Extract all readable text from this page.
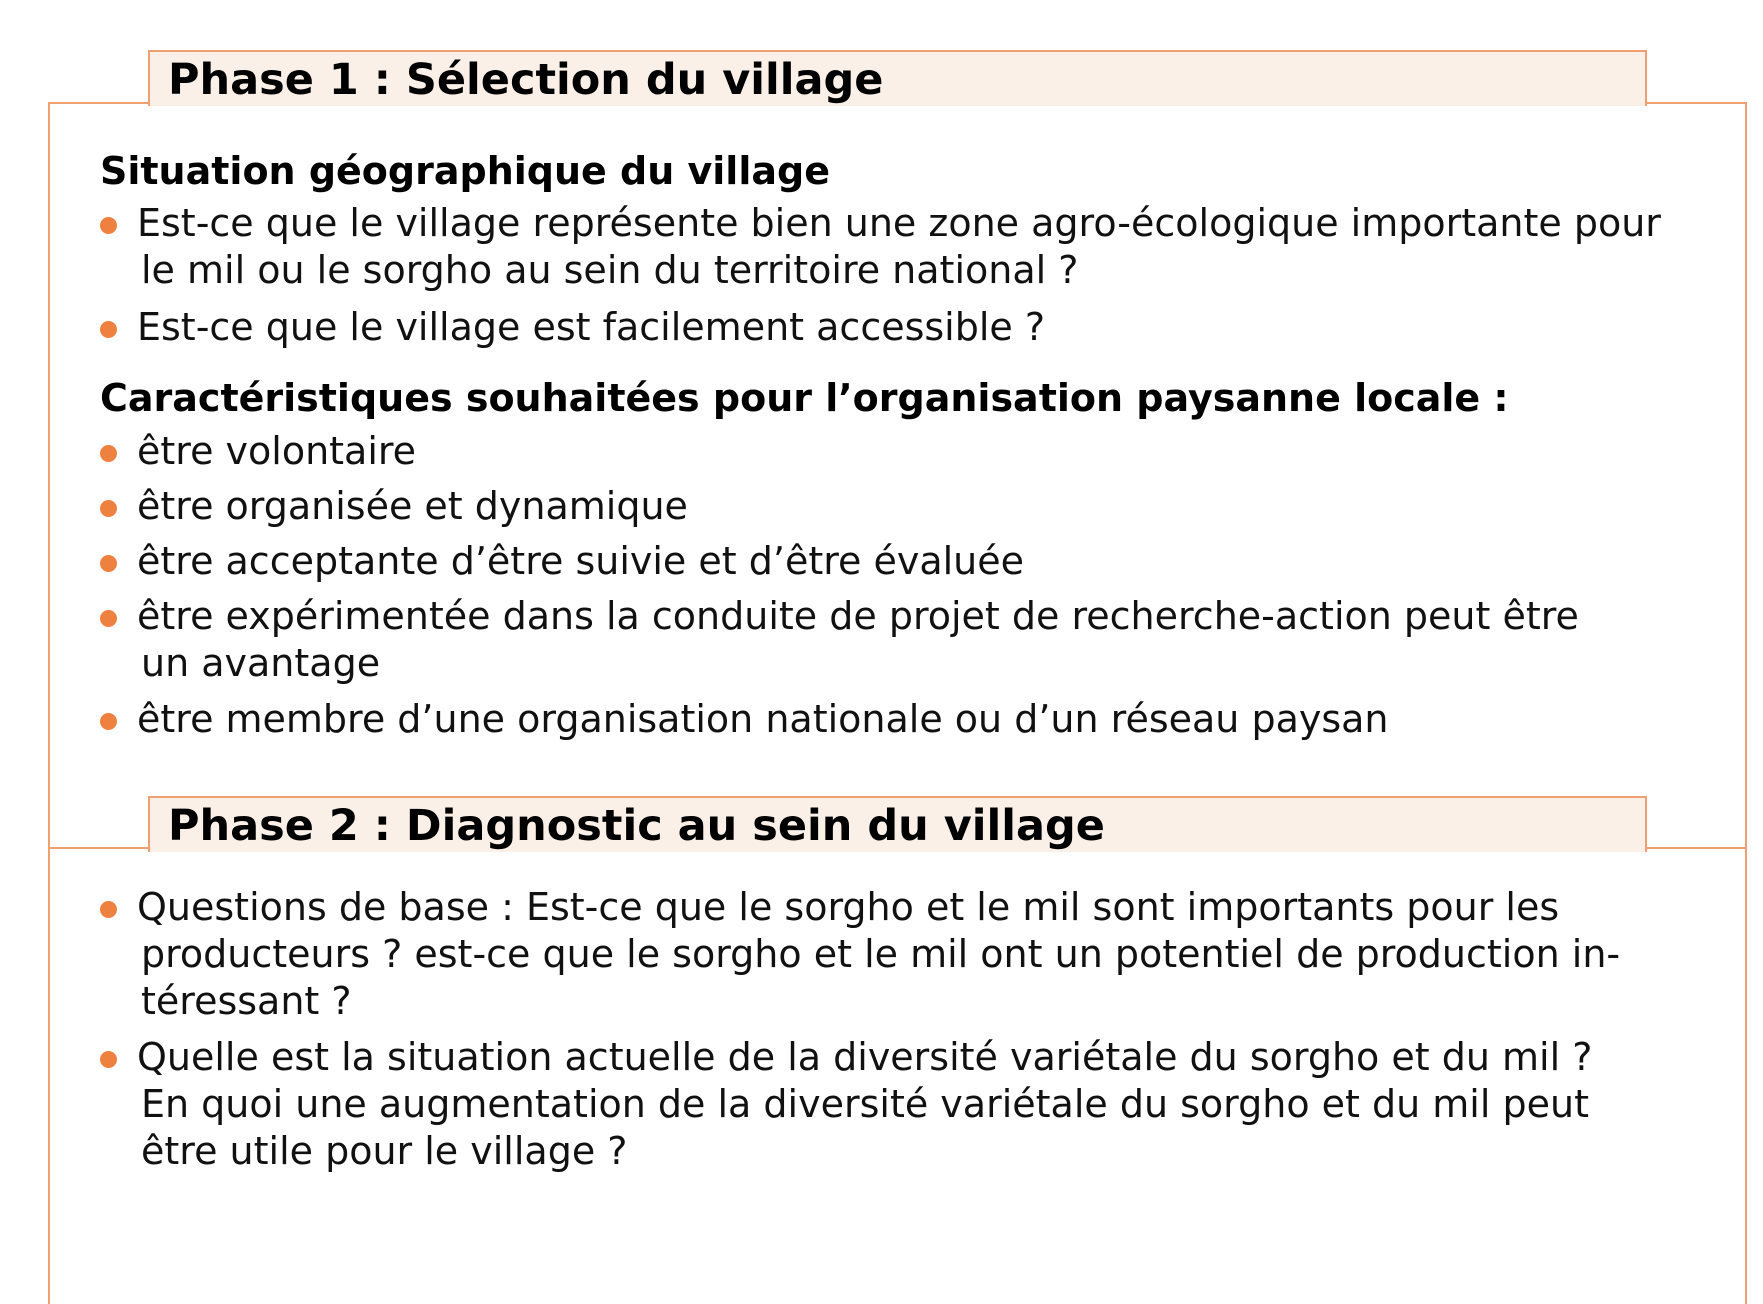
Phase 1 : Sélection du village
Phase 2 : Diagnostic au sein du village
Situation géographique du village
Est-ce que le village représente bien une zone agro-écologique importante pour
le mil ou le sorgho au sein du territoire national ?
Est-ce que le village est facilement accessible ?
Caractéristiques souhaitées pour l’organisation paysanne locale :
être volontaire
être organisée et dynamique
être acceptante d’être suivie et d’être évaluée
être expérimentée dans la conduite de projet de recherche-action peut être
un avantage
être membre d’une organisation nationale ou d’un réseau paysan
Questions de base : Est-ce que le sorgho et le mil sont importants pour les
producteurs ? est-ce que le sorgho et le mil ont un potentiel de production in-
téressant ?
Quelle est la situation actuelle de la diversité variétale du sorgho et du mil ?
En quoi une augmentation de la diversité variétale du sorgho et du mil peut
être utile pour le village ?
